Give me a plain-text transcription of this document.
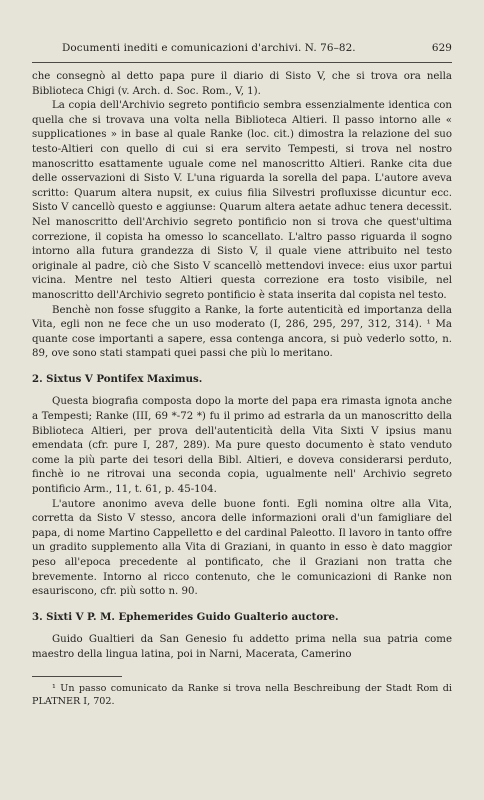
Documenti inediti e comunicazioni d'archivi. N. 76–82.	629

che consegnò al detto papa pure il diario di Sisto V, che si trova ora nella Biblioteca Chigi (v. Arch. d. Soc. Rom., V, 1).

La copia dell'Archivio segreto pontificio sembra essenzialmente identica con quella che si trovava una volta nella Biblioteca Altieri. Il passo intorno alle « supplicationes » in base al quale Ranke (loc. cit.) dimostra la relazione del suo testo-Altieri con quello di cui si era servito Tempesti, si trova nel nostro manoscritto esattamente uguale come nel manoscritto Altieri. Ranke cita due delle osservazioni di Sisto V. L'una riguarda la sorella del papa. L'autore aveva scritto: Quarum altera nupsit, ex cuius filia Silvestri profluxisse dicuntur ecc. Sisto V cancellò questo e aggiunse: Quarum altera aetate adhuc tenera decessit. Nel manoscritto dell'Archivio segreto pontificio non si trova che quest'ultima correzione, il copista ha omesso lo scancellato. L'altro passo riguarda il sogno intorno alla futura grandezza di Sisto V, il quale viene attribuito nel testo originale al padre, ciò che Sisto V scancellò mettendovi invece: eius uxor partui vicina. Mentre nel testo Altieri questa correzione era tosto visibile, nel manoscritto dell'Archivio segreto pontificio è stata inserita dal copista nel testo.

Benchè non fosse sfuggito a Ranke, la forte autenticità ed importanza della Vita, egli non ne fece che un uso moderato (I, 286, 295, 297, 312, 314). ¹ Ma quante cose importanti a sapere, essa contenga ancora, si può vederlo sotto, n. 89, ove sono stati stampati quei passi che più lo meritano.

2. Sixtus V Pontifex Maximus.

Questa biografia composta dopo la morte del papa era rimasta ignota anche a Tempesti; Ranke (III, 69 *-72 *) fu il primo ad estrarla da un manoscritto della Biblioteca Altieri, per prova dell'autenticità della Vita Sixti V ipsius manu emendata (cfr. pure I, 287, 289). Ma pure questo documento è stato venduto come la più parte dei tesori della Bibl. Altieri, e doveva considerarsi perduto, finchè io ne ritrovai una seconda copia, ugualmente nell' Archivio segreto pontificio Arm., 11, t. 61, p. 45-104.

L'autore anonimo aveva delle buone fonti. Egli nomina oltre alla Vita, corretta da Sisto V stesso, ancora delle informazioni orali d'un famigliare del papa, di nome Martino Cappelletto e del cardinal Paleotto. Il lavoro in tanto offre un gradito supplemento alla Vita di Graziani, in quanto in esso è dato maggior peso all'epoca precedente al pontificato, che il Graziani non tratta che brevemente. Intorno al ricco contenuto, che le comunicazioni di Ranke non esauriscono, cfr. più sotto n. 90.

3. Sixti V P. M. Ephemerides Guido Gualterio auctore.

Guido Gualtieri da San Genesio fu addetto prima nella sua patria come maestro della lingua latina, poi in Narni, Macerata, Camerino

¹ Un passo comunicato da Ranke si trova nella Beschreibung der Stadt Rom di PLATNER I, 702.
